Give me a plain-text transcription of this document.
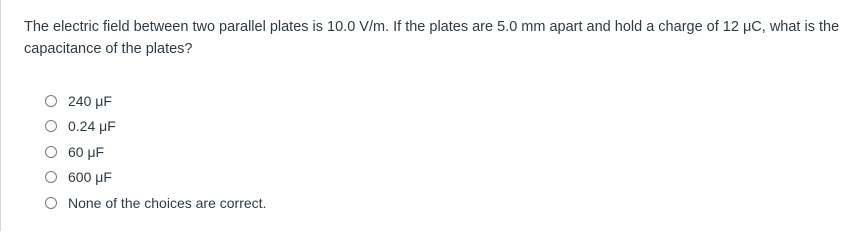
The electric field between two parallel plates is 10.0 V/m. If the plates are 5.0 mm apart and hold a charge of 12 μC, what is the capacitance of the plates?

240 μF
0.24 μF
60 μF
600 μF
None of the choices are correct.
